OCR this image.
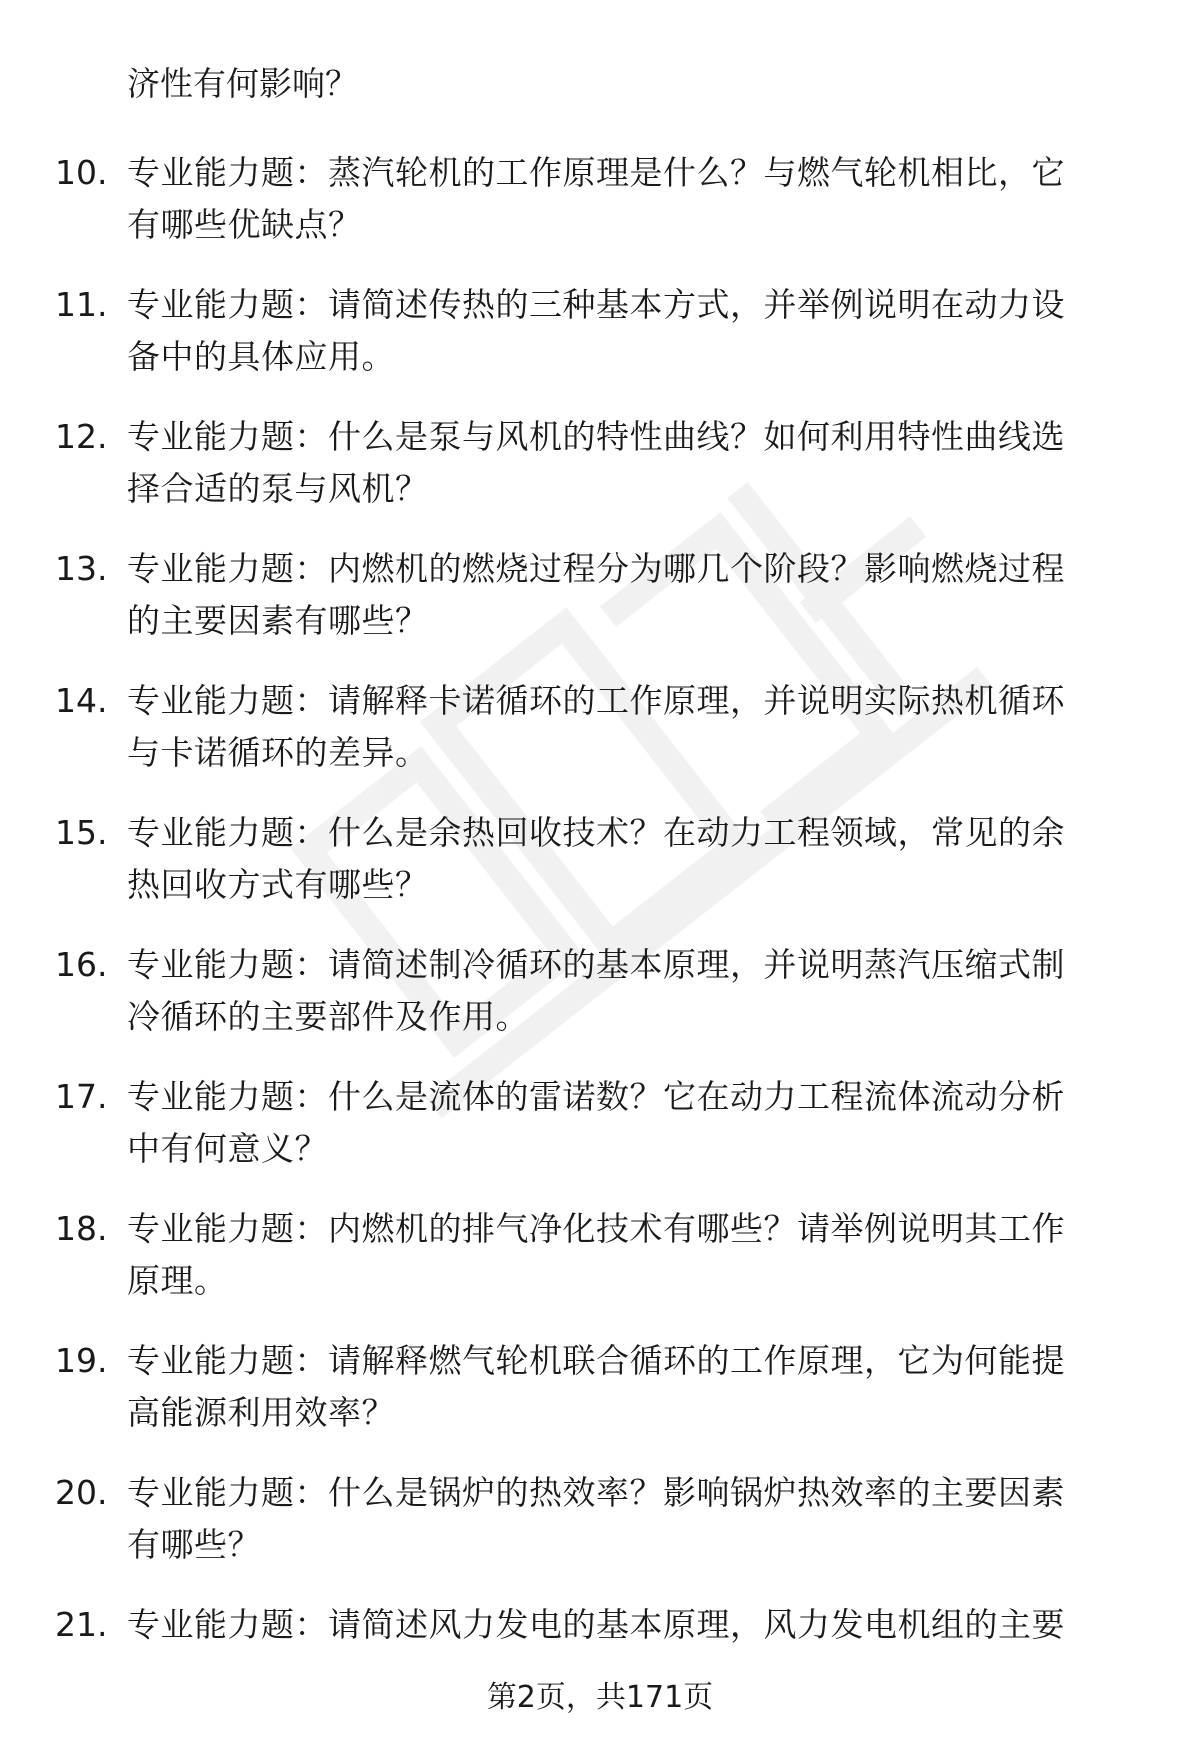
济性有何影响？
10. 专业能力题：蒸汽轮机的工作原理是什么？与燃气轮机相比，它
有哪些优缺点？
11. 专业能力题：请简述传热的三种基本方式，并举例说明在动力设
备中的具体应用。
12. 专业能力题：什么是泵与风机的特性曲线？如何利用特性曲线选
择合适的泵与风机？
13. 专业能力题：内燃机的燃烧过程分为哪几个阶段？影响燃烧过程
的主要因素有哪些？
14. 专业能力题：请解释卡诺循环的工作原理，并说明实际热机循环
与卡诺循环的差异。
15. 专业能力题：什么是余热回收技术？在动力工程领域，常见的余
热回收方式有哪些？
16. 专业能力题：请简述制冷循环的基本原理，并说明蒸汽压缩式制
冷循环的主要部件及作用。
17. 专业能力题：什么是流体的雷诺数？它在动力工程流体流动分析
中有何意义？
18. 专业能力题：内燃机的排气净化技术有哪些？请举例说明其工作
原理。
19. 专业能力题：请解释燃气轮机联合循环的工作原理，它为何能提
高能源利用效率？
20. 专业能力题：什么是锅炉的热效率？影响锅炉热效率的主要因素
有哪些？
21. 专业能力题：请简述风力发电的基本原理，风力发电机组的主要
第2页，共171页
